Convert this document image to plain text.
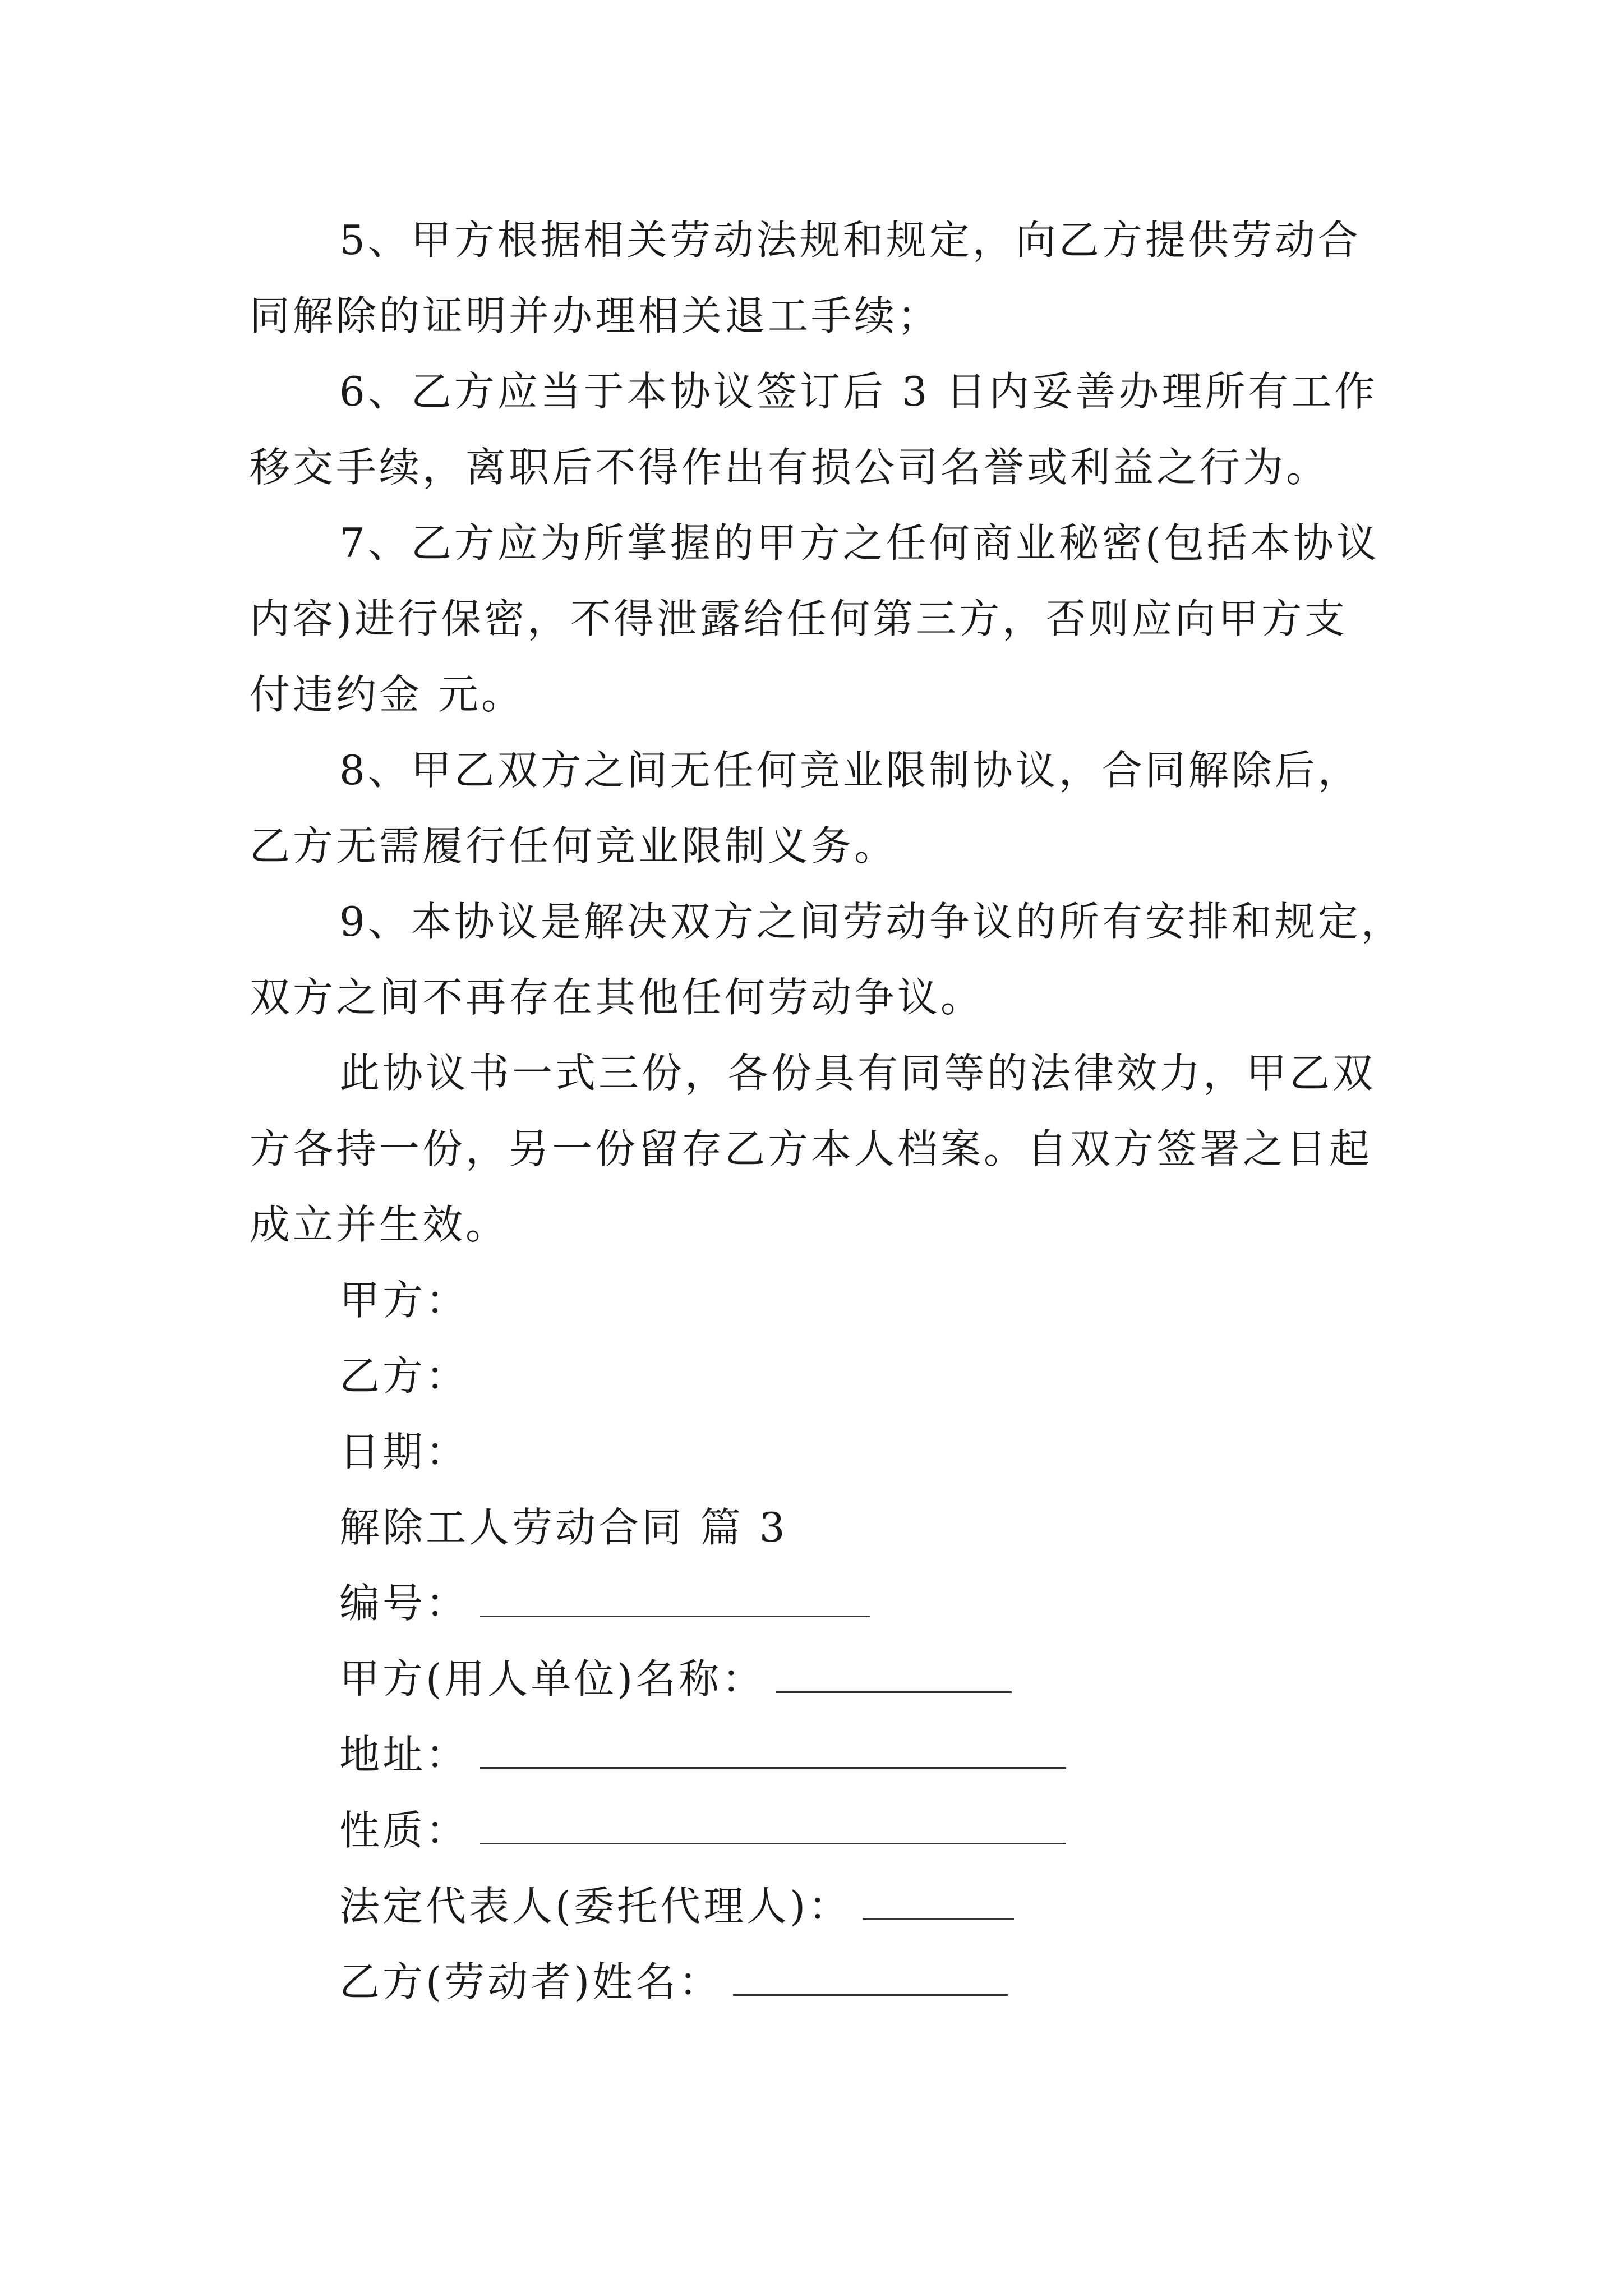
5、甲方根据相关劳动法规和规定，向乙方提供劳动合
同解除的证明并办理相关退工手续；
6、乙方应当于本协议签订后 3 日内妥善办理所有工作
移交手续，离职后不得作出有损公司名誉或利益之行为。
7、乙方应为所掌握的甲方之任何商业秘密(包括本协议
内容)进行保密，不得泄露给任何第三方，否则应向甲方支
付违约金 元。
8、甲乙双方之间无任何竞业限制协议，合同解除后，
乙方无需履行任何竞业限制义务。
9、本协议是解决双方之间劳动争议的所有安排和规定，
双方之间不再存在其他任何劳动争议。
此协议书一式三份，各份具有同等的法律效力，甲乙双
方各持一份，另一份留存乙方本人档案。自双方签署之日起
成立并生效。
甲方：
乙方：
日期：
解除工人劳动合同 篇 3
编号：
甲方(用人单位)名称：
地址：
性质：
法定代表人(委托代理人)：
乙方(劳动者)姓名：
